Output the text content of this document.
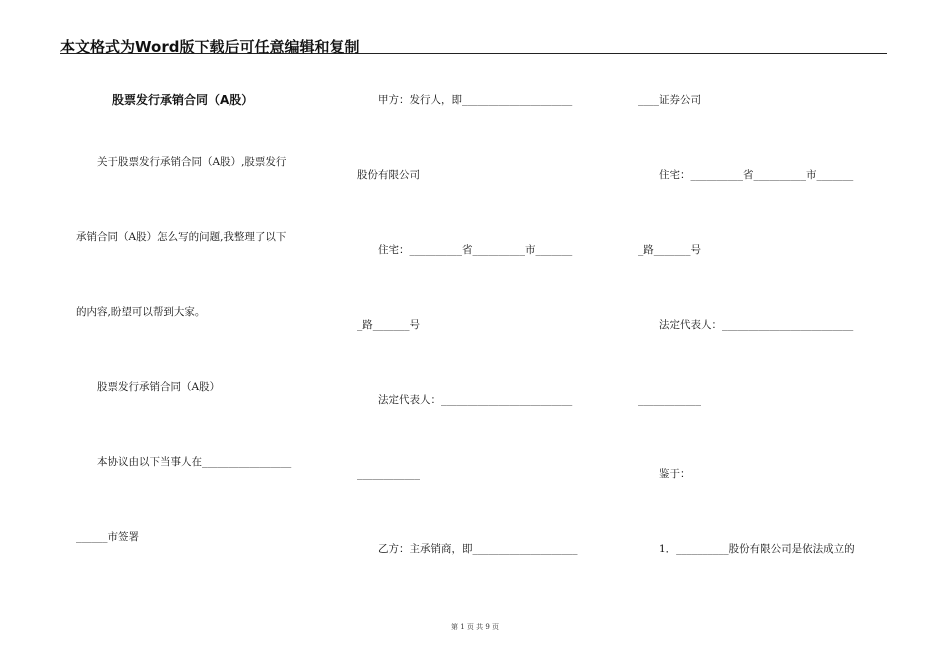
本文格式为Word版下载后可任意编辑和复制
　　　股票发行承销合同（A股）
　　关于股票发行承销合同（A股）,股票发行
承销合同（A股）怎么写的问题,我整理了以下
的内容,盼望可以帮到大家。
　　股票发行承销合同（A股）
　　本协议由以下当事人在_________________
______市签署
　　甲方：发行人，即_____________________
股份有限公司
　　住宅：__________省__________市_______
_路_______号
　　法定代表人：_________________________
____________
　　乙方：主承销商，即____________________
____证券公司
　　住宅：__________省__________市_______
_路_______号
　　法定代表人：_________________________
____________
　　鉴于：
　　1．__________股份有限公司是依法成立的
第 1 页 共 9 页
